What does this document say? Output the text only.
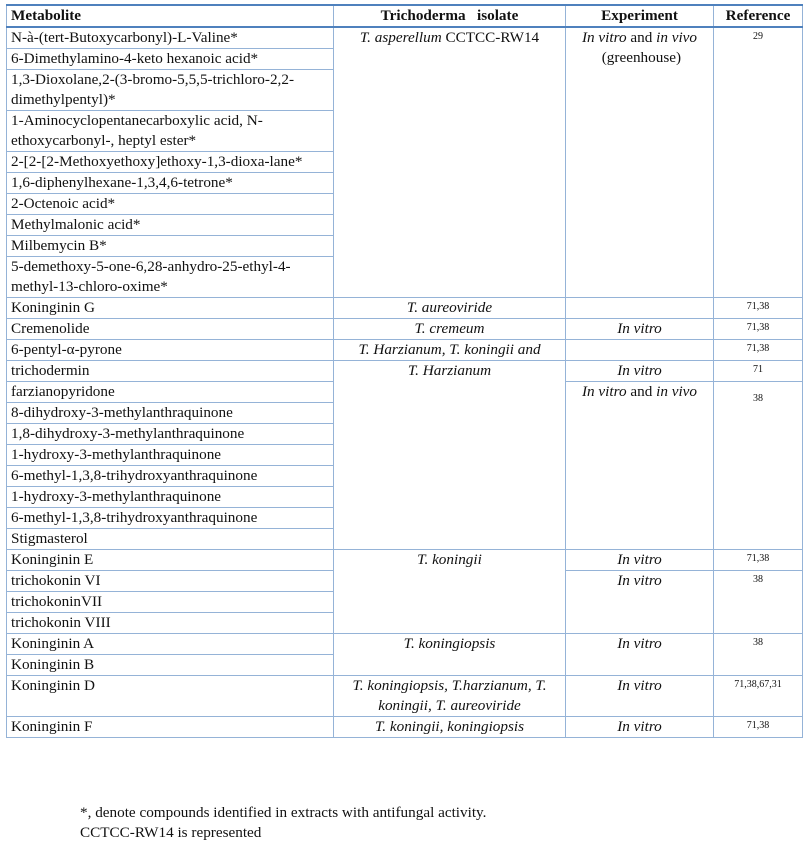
Metabolite	Trichoderma   isolate	Experiment	Reference
N-à-(tert-Butoxycarbonyl)-L-Valine*	T. asperellum CCTCC-RW14	In vitro and in vivo (greenhouse)	29
6-Dimethylamino-4-keto hexanoic acid*			
1,3-Dioxolane,2-(3-bromo-5,5,5-trichloro-2,2-dimethylpentyl)*			
1-Aminocyclopentanecarboxylic acid, N-ethoxycarbonyl-, heptyl ester*			
2-[2-[2-Methoxyethoxy]ethoxy-1,3-dioxa-lane*			
1,6-diphenylhexane-1,3,4,6-tetrone*			
2-Octenoic acid*			
Methylmalonic acid*			
Milbemycin B*			
5-demethoxy-5-one-6,28-anhydro-25-ethyl-4-methyl-13-chloro-oxime*			
Koninginin G	T. aureoviride		71,38
Cremenolide	T. cremeum	In vitro	71,38
6-pentyl-α-pyrone	T. Harzianum, T. koningii and		71,38
trichodermin	T. Harzianum	In vitro	71
farzianopyridone		In vitro and in vivo	38
8-dihydroxy-3-methylanthraquinone			
1,8-dihydroxy-3-methylanthraquinone			
1-hydroxy-3-methylanthraquinone			
6-methyl-1,3,8-trihydroxyanthraquinone			
1-hydroxy-3-methylanthraquinone			
6-methyl-1,3,8-trihydroxyanthraquinone			
Stigmasterol			
Koninginin E	T. koningii	In vitro	71,38
trichokonin VI		In vitro	38
trichokoninVII			
trichokonin VIII			
Koninginin A	T. koningiopsis	In vitro	38
Koninginin B			
Koninginin D	T. koningiopsis, T.harzianum, T. koningii, T. aureoviride	In vitro	71,38,67,31
Koninginin F	T. koningii, koningiopsis	In vitro	71,38
*, denote compounds identified in extracts with antifungal activity.
CCTCC-RW14 is represented
